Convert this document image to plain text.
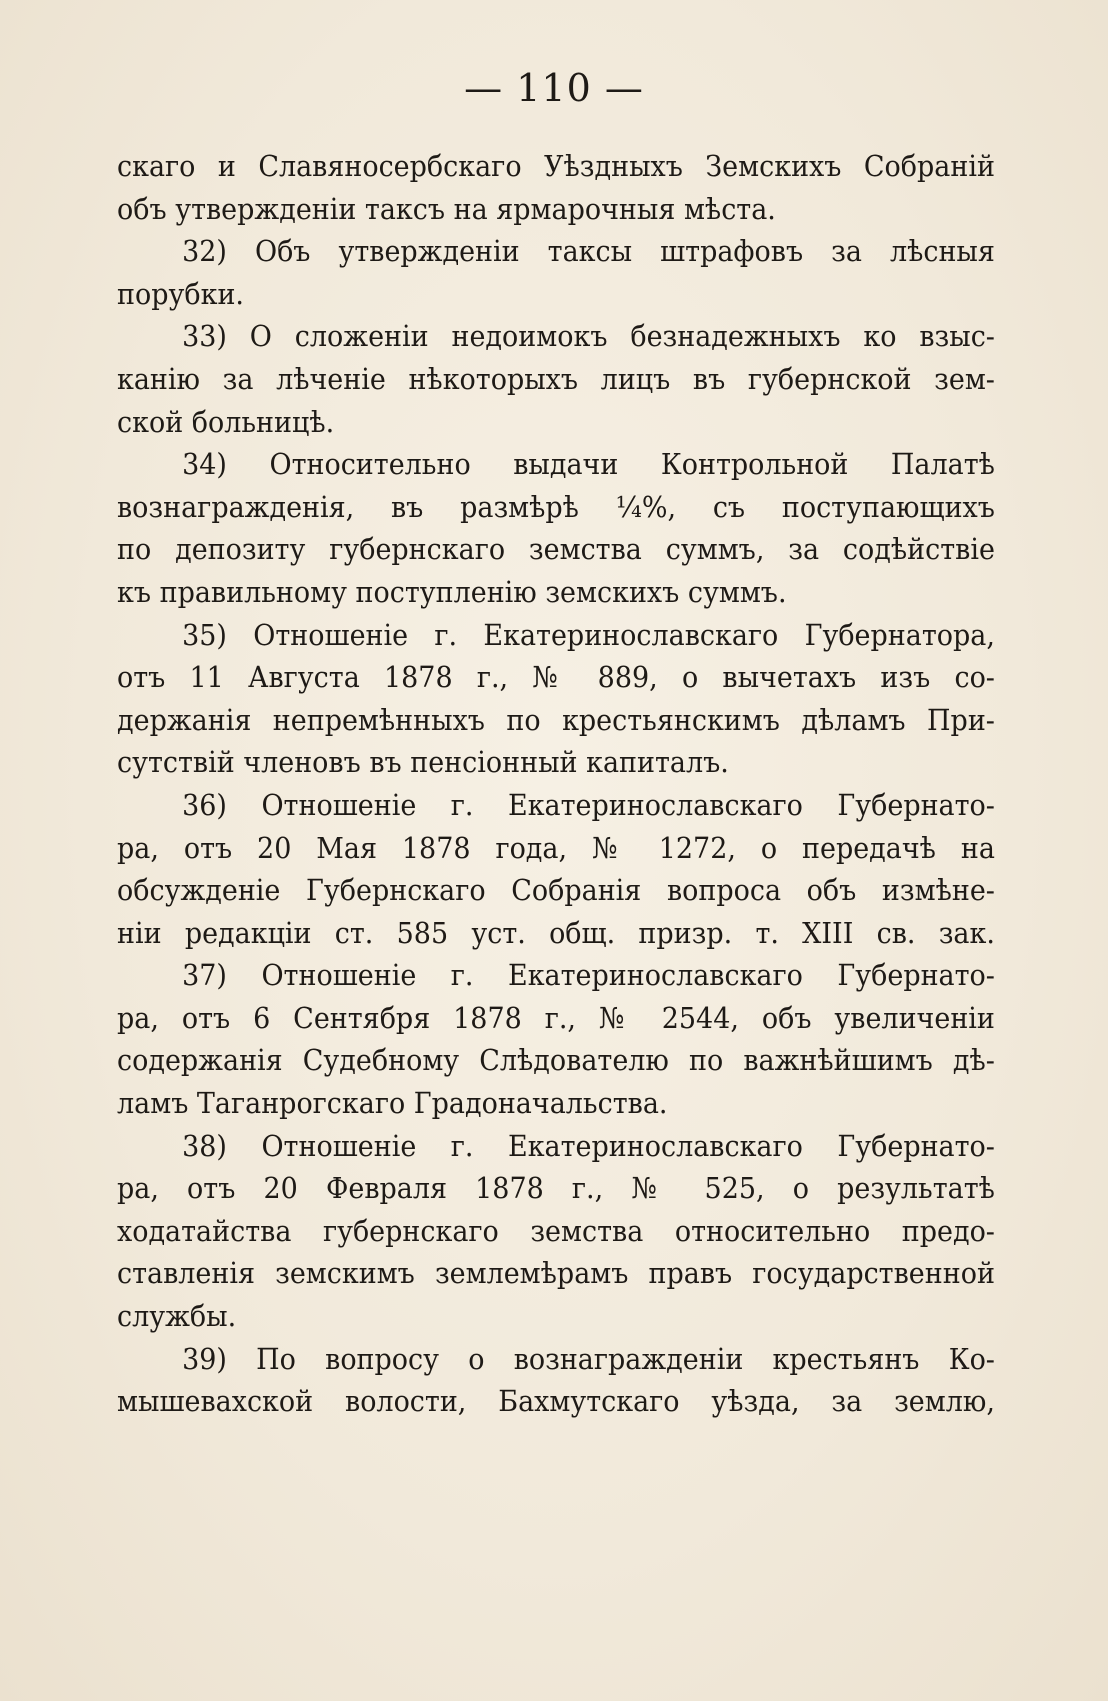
— 110 —
скаго и Славяносербскаго Уѣздныхъ Земскихъ Собраній
объ утвержденіи таксъ на ярмарочныя мѣста.
32) Объ утвержденіи таксы штрафовъ за лѣсныя
порубки.
33) О сложеніи недоимокъ безнадежныхъ ко взыс-
канію за лѣченіе нѣкоторыхъ лицъ въ губернской зем-
ской больницѣ.
34) Относительно выдачи Контрольной Палатѣ
вознагражденія, въ размѣрѣ ¼%, съ поступающихъ
по депозиту губернскаго земства суммъ, за содѣйствіе
къ правильному поступленію земскихъ суммъ.
35) Отношеніе г. Екатеринославскаго Губернатора,
отъ 11 Августа 1878 г., № 889, о вычетахъ изъ со-
держанія непремѣнныхъ по крестьянскимъ дѣламъ При-
сутствій членовъ въ пенсіонный капиталъ.
36) Отношеніе г. Екатеринославскаго Губернато-
ра, отъ 20 Мая 1878 года, № 1272, о передачѣ на
обсужденіе Губернскаго Собранія вопроса объ измѣне-
ніи редакціи ст. 585 уст. общ. призр. т. XIII св. зак.
37) Отношеніе г. Екатеринославскаго Губернато-
ра, отъ 6 Сентября 1878 г., № 2544, объ увеличеніи
содержанія Судебному Слѣдователю по важнѣйшимъ дѣ-
ламъ Таганрогскаго Градоначальства.
38) Отношеніе г. Екатеринославскаго Губернато-
ра, отъ 20 Февраля 1878 г., № 525, о результатѣ
ходатайства губернскаго земства относительно предо-
ставленія земскимъ землемѣрамъ правъ государственной
службы.
39) По вопросу о вознагражденіи крестьянъ Ко-
мышевахской волости, Бахмутскаго уѣзда, за землю,
